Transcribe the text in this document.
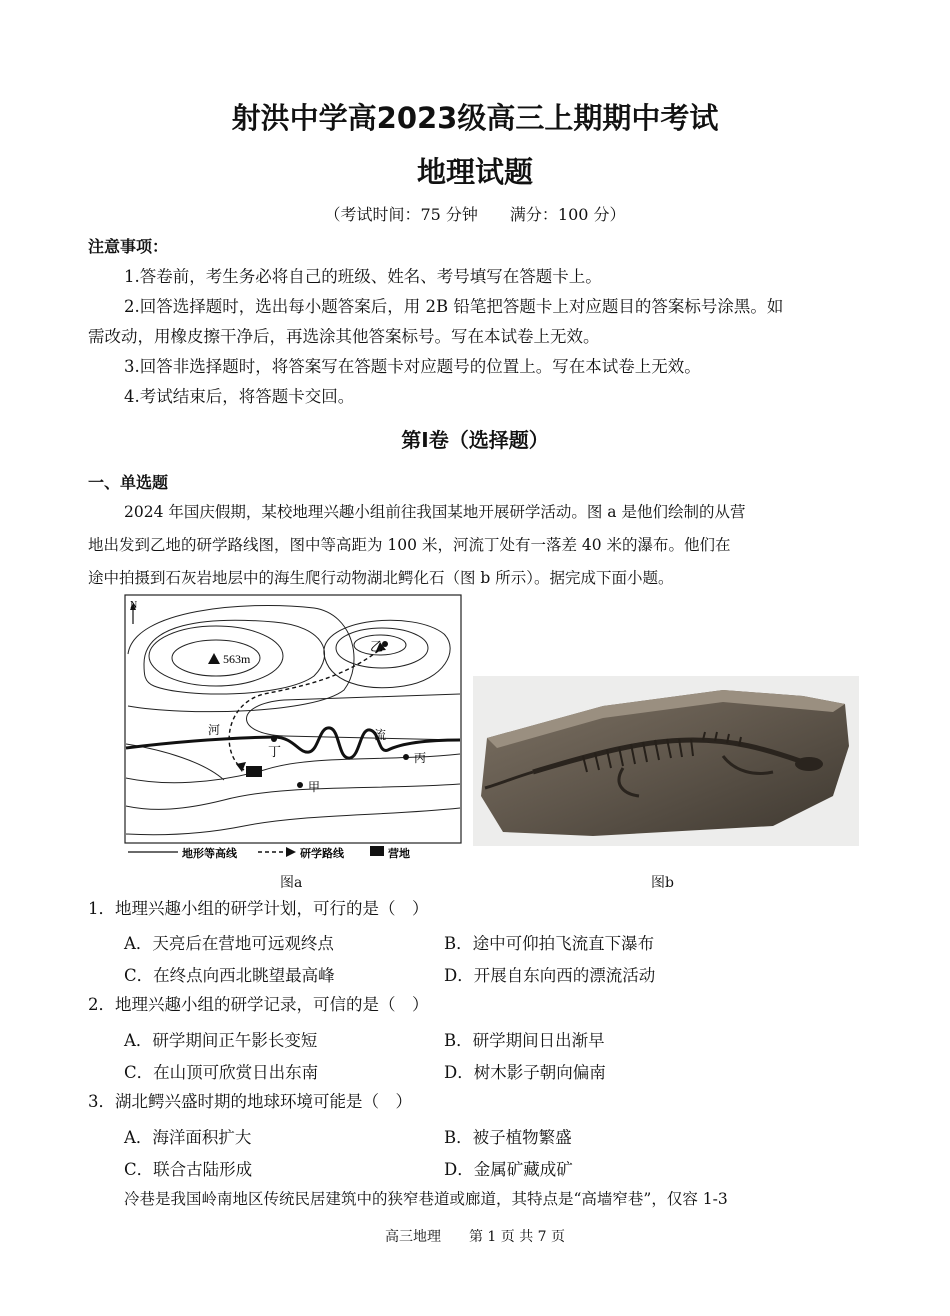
射洪中学高2023级高三上期期中考试
地理试题
（考试时间：75 分钟　　满分：100 分）
注意事项：
1.答卷前，考生务必将自己的班级、姓名、考号填写在答题卡上。
2.回答选择题时，选出每小题答案后，用 2B 铅笔把答题卡上对应题目的答案标号涂黑。如
需改动，用橡皮擦干净后，再选涂其他答案标号。写在本试卷上无效。
3.回答非选择题时，将答案写在答题卡对应题号的位置上。写在本试卷上无效。
4.考试结束后，将答题卡交回。
第Ⅰ卷（选择题）
一、单选题
2024 年国庆假期，某校地理兴趣小组前往我国某地开展研学活动。图 a 是他们绘制的从营
地出发到乙地的研学路线图，图中等高距为 100 米，河流丁处有一落差 40 米的瀑布。他们在
途中拍摄到石灰岩地层中的海生爬行动物湖北鳄化石（图 b 所示）。据完成下面小题。
563m
乙
丁	丙
甲
河	流
N
地形等高线	研学路线	营地
图a	图b
1．地理兴趣小组的研学计划，可行的是（　）
A．天亮后在营地可远观终点	B．途中可仰拍飞流直下瀑布
C．在终点向西北眺望最高峰	D．开展自东向西的漂流活动
2．地理兴趣小组的研学记录，可信的是（　）
A．研学期间正午影长变短	B．研学期间日出渐早
C．在山顶可欣赏日出东南	D．树木影子朝向偏南
3．湖北鳄兴盛时期的地球环境可能是（　）
A．海洋面积扩大	B．被子植物繁盛
C．联合古陆形成	D．金属矿藏成矿
冷巷是我国岭南地区传统民居建筑中的狭窄巷道或廊道，其特点是“高墙窄巷”，仅容 1-3
高三地理　　第 1 页 共 7 页
